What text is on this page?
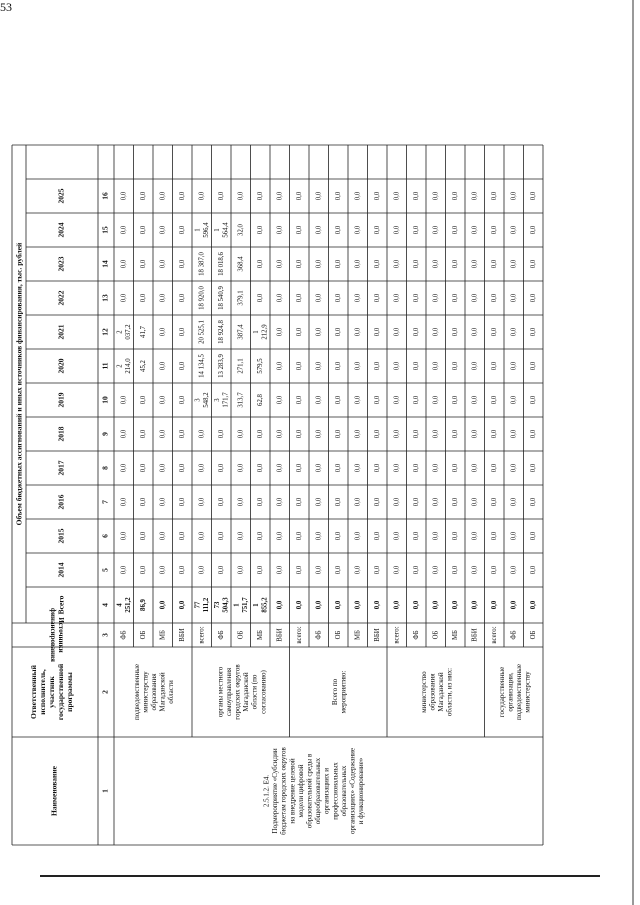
53
Наименование
Ответственныйисполнитель,участникгосударственнойпрограммы
Источникифинансирования
Объем бюджетных ассигнований и иных источников финансирования, тыс. рублей
Всего
2014
2015
2016
2017
2018
2019
2020
2021
2022
2023
2024
2025
1
2
3
4
5
6
7
8
9
10
11
12
13
14
15
16
2.5.1.2. Е4.Подмероприятие «Субсидиибюджетам городских округовна внедрение целевоймодели цифровойобразовательной среды вобщеобразовательныхорганизациях ипрофессиональныхобразовательныхорганизациях» «Содержаниеи функционирование»
подведомственныеминистерствуобразованияМагаданскойобласти
ФБ
4 251,2
0,0
0,0
0,0
0,0
0,0
0,0
2 214,0
2 037,2
0,0
0,0
0,0
0,0
ОБ
86,9
0,0
0,0
0,0
0,0
0,0
0,0
45,2
41,7
0,0
0,0
0,0
0,0
МБ
0,0
0,0
0,0
0,0
0,0
0,0
0,0
0,0
0,0
0,0
0,0
0,0
0,0
ВБИ
0,0
0,0
0,0
0,0
0,0
0,0
0,0
0,0
0,0
0,0
0,0
0,0
0,0
органы местногосамоуправлениягородских округовМагаданскойобласти (посогласованию)
всего:
77 111,2
0,0
0,0
0,0
0,0
0,0
3 548,2
14 134,5
20 525,1
18 920,0
18 387,0
1 596,4
0,0
ФБ
73 504,3
0,0
0,0
0,0
0,0
0,0
3 171,7
13 283,9
18 924,8
18 540,9
18 018,6
1 564,4
0,0
ОБ
1 751,7
0,0
0,0
0,0
0,0
0,0
313,7
271,1
387,4
379,1
368,4
32,0
0,0
МБ
1 855,2
0,0
0,0
0,0
0,0
0,0
62,8
579,5
1 212,9
0,0
0,0
0,0
0,0
ВБИ
0,0
0,0
0,0
0,0
0,0
0,0
0,0
0,0
0,0
0,0
0,0
0,0
0,0
Всего помероприятию:
всего:
0,0
0,0
0,0
0,0
0,0
0,0
0,0
0,0
0,0
0,0
0,0
0,0
0,0
ФБ
0,0
0,0
0,0
0,0
0,0
0,0
0,0
0,0
0,0
0,0
0,0
0,0
0,0
ОБ
0,0
0,0
0,0
0,0
0,0
0,0
0,0
0,0
0,0
0,0
0,0
0,0
0,0
МБ
0,0
0,0
0,0
0,0
0,0
0,0
0,0
0,0
0,0
0,0
0,0
0,0
0,0
ВБИ
0,0
0,0
0,0
0,0
0,0
0,0
0,0
0,0
0,0
0,0
0,0
0,0
0,0
министерствообразованияМагаданскойобласти, из них:
всего:
0,0
0,0
0,0
0,0
0,0
0,0
0,0
0,0
0,0
0,0
0,0
0,0
0,0
ФБ
0,0
0,0
0,0
0,0
0,0
0,0
0,0
0,0
0,0
0,0
0,0
0,0
0,0
ОБ
0,0
0,0
0,0
0,0
0,0
0,0
0,0
0,0
0,0
0,0
0,0
0,0
0,0
МБ
0,0
0,0
0,0
0,0
0,0
0,0
0,0
0,0
0,0
0,0
0,0
0,0
0,0
ВБИ
0,0
0,0
0,0
0,0
0,0
0,0
0,0
0,0
0,0
0,0
0,0
0,0
0,0
государственныеорганизации,подведомственныеминистерству
всего:
0,0
0,0
0,0
0,0
0,0
0,0
0,0
0,0
0,0
0,0
0,0
0,0
0,0
ФБ
0,0
0,0
0,0
0,0
0,0
0,0
0,0
0,0
0,0
0,0
0,0
0,0
0,0
ОБ
0,0
0,0
0,0
0,0
0,0
0,0
0,0
0,0
0,0
0,0
0,0
0,0
0,0
